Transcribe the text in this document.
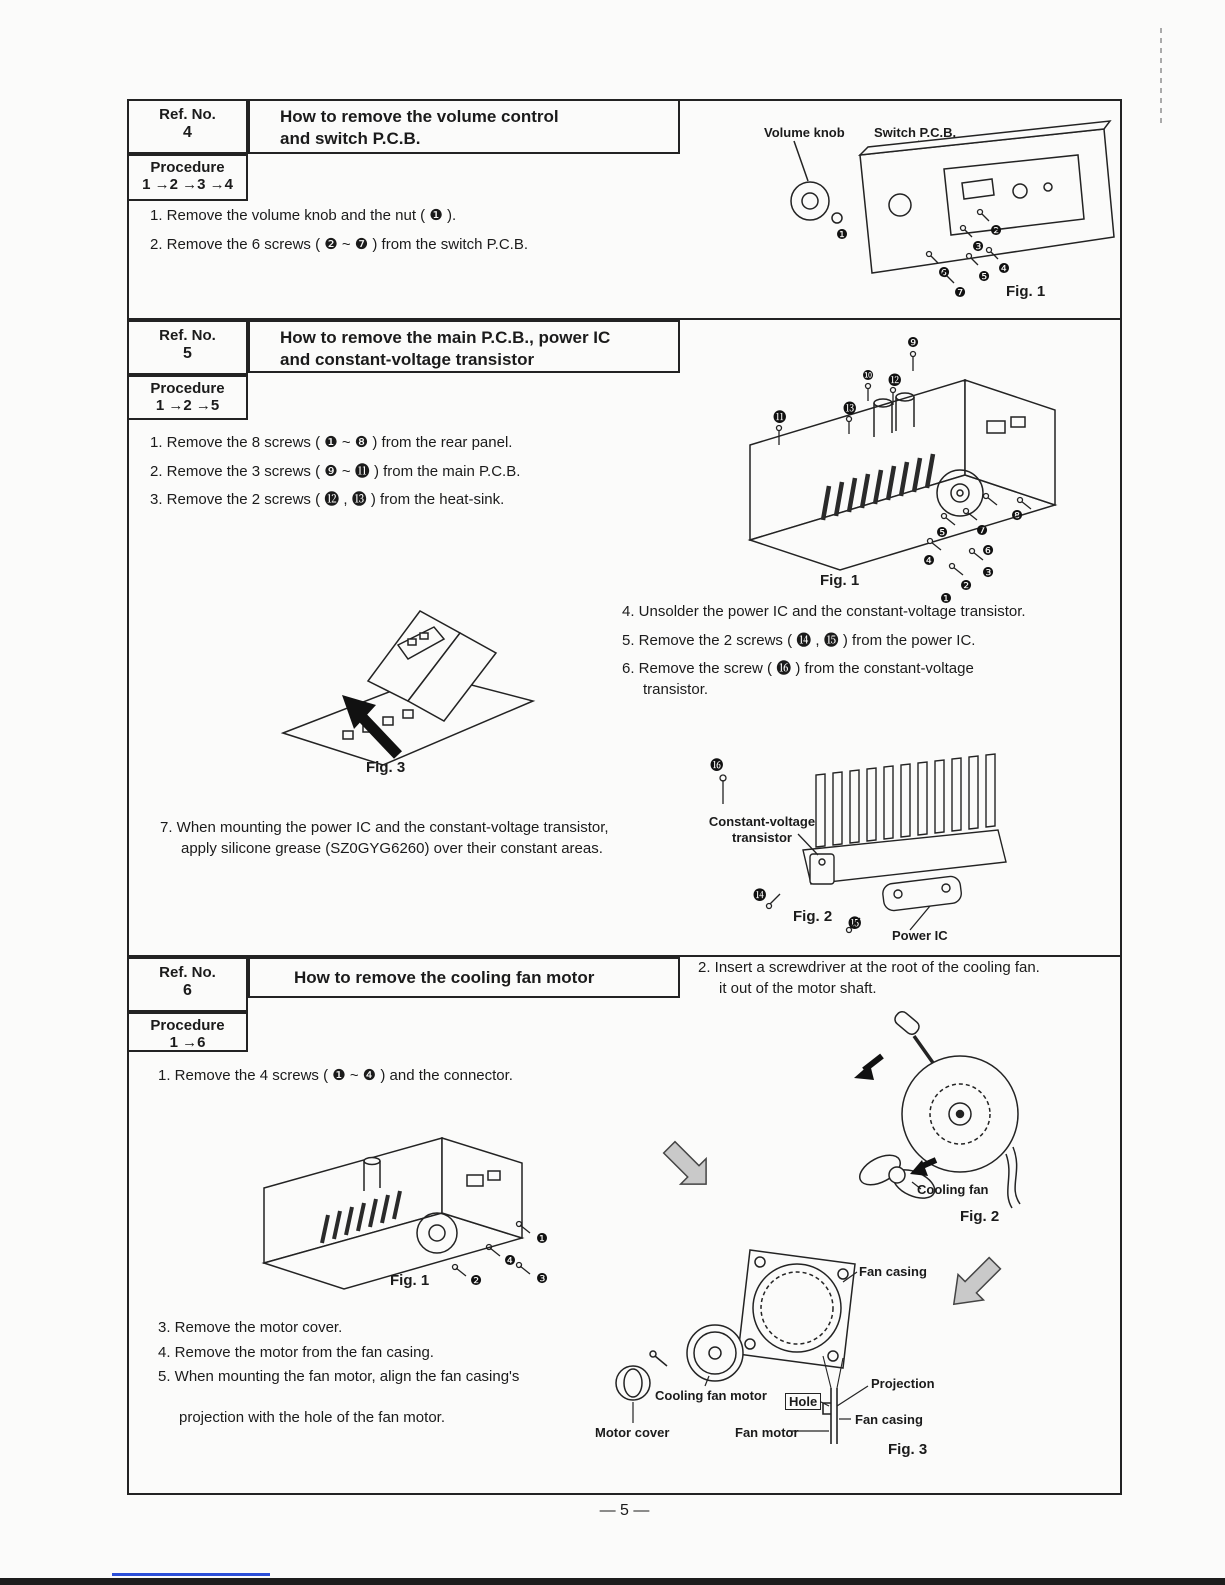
Ref. No.
4
Procedure
1 →2 →3 →4
How to remove the volume control
and switch P.C.B.
1. Remove the volume knob and the nut ( ❶ ).
2. Remove the 6 screws ( ❷ ~ ❼ ) from the switch P.C.B.
❶	❷
❸
❹
❺
❻
❼
Volume knob Switch P.C.B.
Fig. 1
Ref. No.
5
Procedure
1 →2 →5
How to remove the main P.C.B., power IC
and constant-voltage transistor
1. Remove the 8 screws ( ❶ ~ ❽ ) from the rear panel.
2. Remove the 3 screws ( ❾ ~ ⓫ ) from the main P.C.B.
3. Remove the 2 screws ( ⓬ , ⓭ ) from the heat-sink.
4. Unsolder the power IC and the constant-voltage transistor.
5. Remove the 2 screws ( ⓮ , ⓯ ) from the power IC.
6. Remove the screw ( ⓰ ) from the constant-voltage transistor.
7. When mounting the power IC and the constant-voltage transistor, apply silicone grease (SZ0GYG6260) over their constant areas.
❾
❿ ⓬
⓫
⓭
❽
❼
❻
❺
❹
❸
❷
❶
Fig. 1
Fig. 3	⓰
⓮
⓯
Constant-voltage transistor
Fig. 2
Power IC
Ref. No.
6
Procedure
1 →6
How to remove the cooling fan motor
2. Insert a screwdriver at the root of the cooling fan.
it out of the motor shaft.
1. Remove the 4 screws ( ❶ ~ ❹ ) and the connector.
3. Remove the motor cover.
4. Remove the motor from the fan casing.
5. When mounting the fan motor, align the fan casing's
projection with the hole of the fan motor.
❶
❹
❷	❸
Fig. 1
Cooling fan
Fig. 2
Fan casing
Cooling fan motor
Motor cover	Fan motor
Hole
Projection
Fan casing
Fig. 3
— 5 —
